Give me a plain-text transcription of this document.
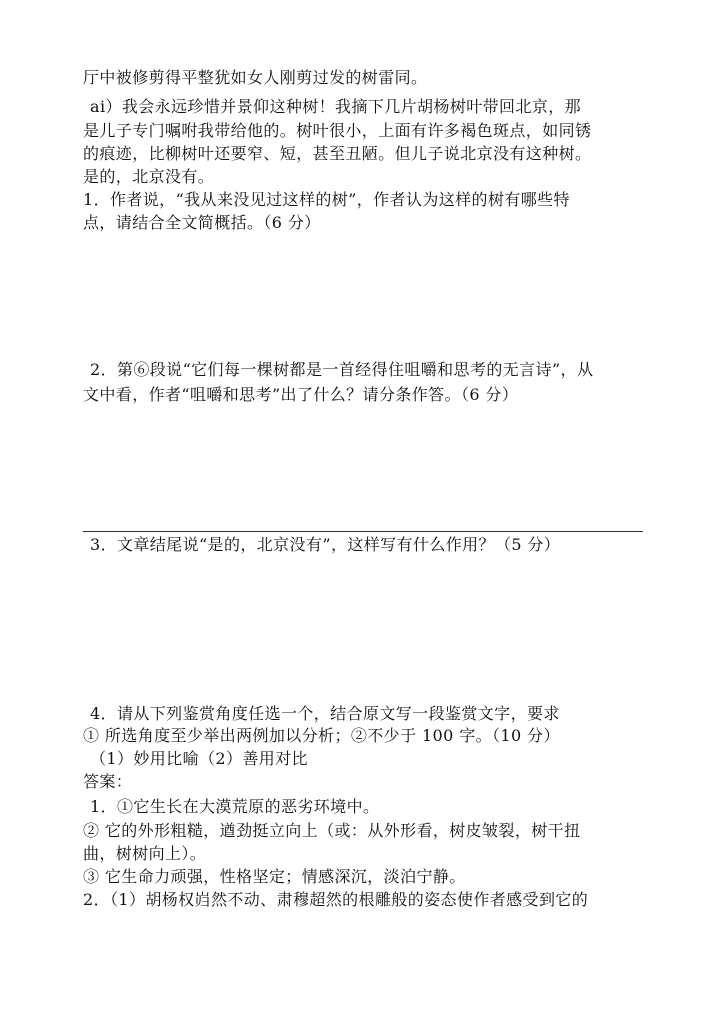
厅中被修剪得平整犹如女人刚剪过发的树雷同。
ai）我会永远珍惜并景仰这种树！我摘下几片胡杨树叶带回北京，那
是儿子专门嘱咐我带给他的。树叶很小，上面有许多褐色斑点，如同锈
的痕迹，比柳树叶还要窄、短，甚至丑陋。但儿子说北京没有这种树。
是的，北京没有。
1．作者说，“我从来没见过这样的树”，作者认为这样的树有哪些特
点，请结合全文简概括。（6 分）
2．第⑥段说“它们每一棵树都是一首经得住咀嚼和思考的无言诗”，从
文中看，作者“咀嚼和思考”出了什么？请分条作答。（6 分）
3．文章结尾说“是的，北京没有”，这样写有什么作用？（5 分）
4．请从下列鉴赏角度任选一个，结合原文写一段鉴赏文字，要求
① 所选角度至少举出两例加以分析；②不少于 100 字。（10 分）
（1）妙用比喻（2）善用对比
答案：
1．①它生长在大漠荒原的恶劣环境中。
② 它的外形粗糙，遒劲挺立向上（或：从外形看，树皮皱裂，树干扭
曲，树树向上）。
③ 它生命力顽强，性格坚定；情感深沉，淡泊宁静。
2．（1）胡杨权岿然不动、肃穆超然的根雕般的姿态使作者感受到它的
